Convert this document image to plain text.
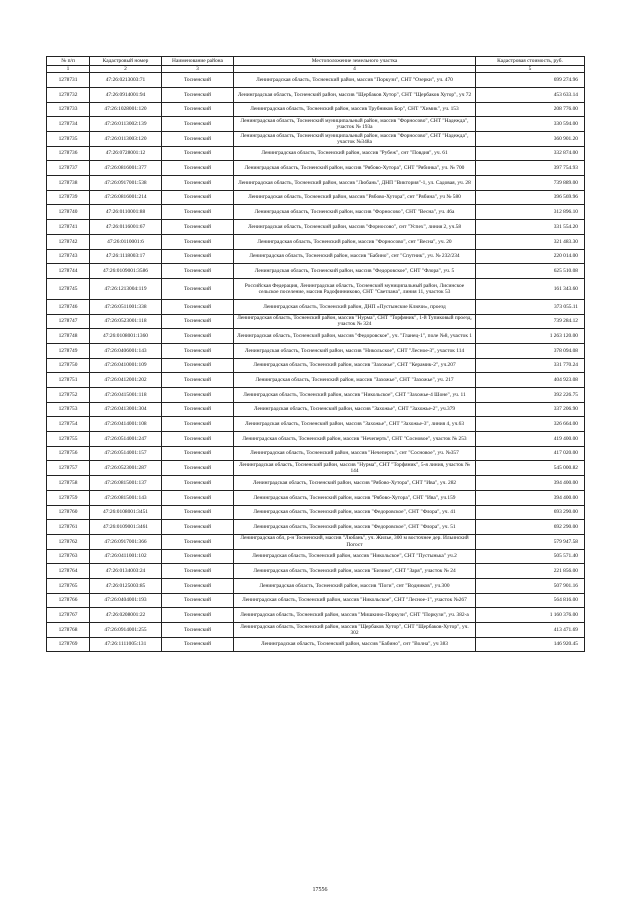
№ п/п	Кадастровый номер	Наименование района	Местоположение земельного участка	Кадастровая стоимость, руб.
1	2	3	4	5
1278731	47:26:0213003:71	Тосненский	Ленинградская область, Тосненский район, массив "Поркузи", СНТ "Озерки", уч. 470	699 274.96
1278732	47:26:0914001:94	Тосненский	Ленинградская область, Тосненский район, массив "Щербаков Хутор", СНТ "Щербаков Хутор", уч 72	453 633.14
1278733	47:26:1028001:120	Тосненский	Ленинградская область, Тосненский район, массив Трубников Бор", СНТ "Химик", уч. 153	208 776.00
1278734	47:26:0113002:139	Тосненский	Ленинградская область, Тосненский муниципальный район, массив "Форносово", СНТ "Надежда", участок № 193а	330 594.00
1278735	47:26:0113003:120	Тосненский	Ленинградская область, Тосненский муниципальный район, массив "Форносово", СНТ "Надежда", участок №348а	360 901.20
1278736	47:26:0728001:12	Тосненский	Ленинградская область, Тосненский район, массив "Рубеж", снт "Повдия", уч. 61	332 874.00
1278737	47:26:0816001:377	Тосненский	Ленинградская область, Тосненский район, массив "Рябово-Хутора", СНТ "Рябинка", уч. № 700	397 754.93
1278738	47:26:0917001:538	Тосненский	Ленинградская область, Тосненский район, массив "Любань", ДНП "Виктория"-1, ул. Садовая, уч. 28	739 889.00
1278739	47:26:0816001:214	Тосненский	Ленинградская область, Тосненский район, массив "Рябово-Хутора", снт "Рябина", уч № 580	396 569.96
1278740	47:26:0110001:88	Тосненский	Ленинградская область, Тосненский район, массив "Форносово", СНТ "Весна", уч. 46а	312 896.10
1278741	47:26:0116001:67	Тосненский	Ленинградская область, Тосненский район, массив "Форносово", снт "Успех", линия 2, уч.58	331 554.20
1278742	47:26:0110001:6	Тосненский	Ленинградская область, Тосненский район, массив "Форносово", снт "Весна", уч. 20	321 483.30
1278743	47:26:1118003:17	Тосненский	Ленинградская область, Тосненский район, массив "Бабино", снт "Спутник", уч. № 232/234	220 014.00
1278744	47:26:0109001:3586	Тосненский	Ленинградская область, Тосненский район, массив "Федоровское", СНТ "Флора", уч. 5	625 510.08
1278745	47:26:1213004:119	Тосненский	Российская Федерация, Ленинградская область, Тосненский муниципальный район, Лисинское сельское поселение, массив Радофинниково, СНТ "Светлана", линия 11, участок 53	161 343.60
1278746	47:26:0511001:338	Тосненский	Ленинградская область, Тосненский район, ДНП «Пустынские Ключи», проезд	373 055.11
1278747	47:26:0523001:118	Тосненский	Ленинградская область, Тосненский район, массив "Нурма", СНТ "Торфяник", 1-й Тупиковый проезд, участок № 324	739 284.12
1278748	47:26:0108001:1360	Тосненский	Ленинградская область, Тосненский район, массив "Федоровское", уч. "Гланец-1", поле №8, участок 1	1 263 120.00
1278749	47:26:0406001:143	Тосненский	Ленинградская область, Тосненский район, массив "Никольское", СНТ "Лесное-3", участок 114	378 094.08
1278750	47:26:0410001:109	Тосненский	Ленинградская область, Тосненский район, массив "Захожье", СНТ "Керамик-2", уч.207	331 770.24
1278751	47:26:0412001:202	Тосненский	Ленинградская область, Тосненский район, массив "Захожье", СНТ "Захожье", уч. 217	404 923.08
1278752	47:26:0415001:118	Тосненский	Ленинградская область, Тосненский район, массив "Никольское", СНТ "Захожье-4 Шоне", уч. 11	392 226.75
1278753	47:26:0413001:304	Тосненский	Ленинградская область, Тосненский район, массив "Захожье", СНТ "Захожье-2", уч.379	337 206.90
1278754	47:26:0414001:108	Тосненский	Ленинградская область, Тосненский район, массив "Захожье", СНТ "Захожье-3", линия 4, уч.63	326 664.00
1278755	47:26:0514001:247	Тосненский	Ленинградская область, Тосненский район, массив "Нечеперть", СНТ "Сосновое", участок № 253	419 400.00
1278756	47:26:0514001:157	Тосненский	Ленинградская область, Тосненский район, массив "Нечеперть", снт "Сосновое", уч. №357	417 020.00
1278757	47:26:0523001:287	Тосненский	Ленинградская область, Тосненский район, массив "Нурма", СНТ "Торфяник", 5-я линия, участок № 144	545 000.82
1278758	47:26:0815001:137	Тосненский	Ленинградская область, Тосненский район, массив "Рябово-Хутора", СНТ "Ива", уч. 282	394 400.00
1278759	47:26:0815001:143	Тосненский	Ленинградская область, Тосненский район, массив "Рябово-Хутора", СНТ "Ива", уч.159	394 400.00
1278760	47:26:0108001:3451	Тосненский	Ленинградская область, Тосненский район, массив "Федоровское", СНТ "Флора", уч. 41	693 290.00
1278761	47:26:0109001:3461	Тосненский	Ленинградская область, Тосненский район, массив "Федоровское", СНТ "Флора", уч. 51	692 290.00
1278762	47:26:0917001:366	Тосненский	Ленинградская обл, р-н Тосненский, массив "Любань", уч. Жилье, 300 м восточнее дер. Ильинский Погост	579 947.58
1278763	47:26:0411001:102	Тосненский	Ленинградская область, Тосненский район, массив "Никольское", СНТ "Пустынька" уч.2	505 571.40
1278764	47:26:0134003:24	Тосненский	Ленинградская область, Тосненский район, массив "Бизино", СНТ "Заря", участок № 24	221 856.00
1278765	47:26:0125003:85	Тосненский	Ленинградская область, Тосненский район, массив "Поги", снт "Водников", уч.300	507 901.16
1278766	47:26:0404001:193	Тосненский	Ленинградская область, Тосненский район, массив "Никольское", СНТ "Лесное-1", участок №267	564 816.00
1278767	47:26:0208001:22	Тосненский	Ленинградская область, Тосненский район, массив "Мишкино-Поркузи", СНТ "Поркузи", уч. 382-а	1 160 376.00
1278768	47:26:0914001:255	Тосненский	Ленинградская область, Тосненский район, массив "Щербаков Хутор", СНТ "Щербаков-Хутор", уч. 302	413 471.69
1278769	47:26:1111005:131	Тосненский	Ленинградская область, Тосненский район, массив "Бабино", снт "Волна", уч 383	146 920.45
17556
